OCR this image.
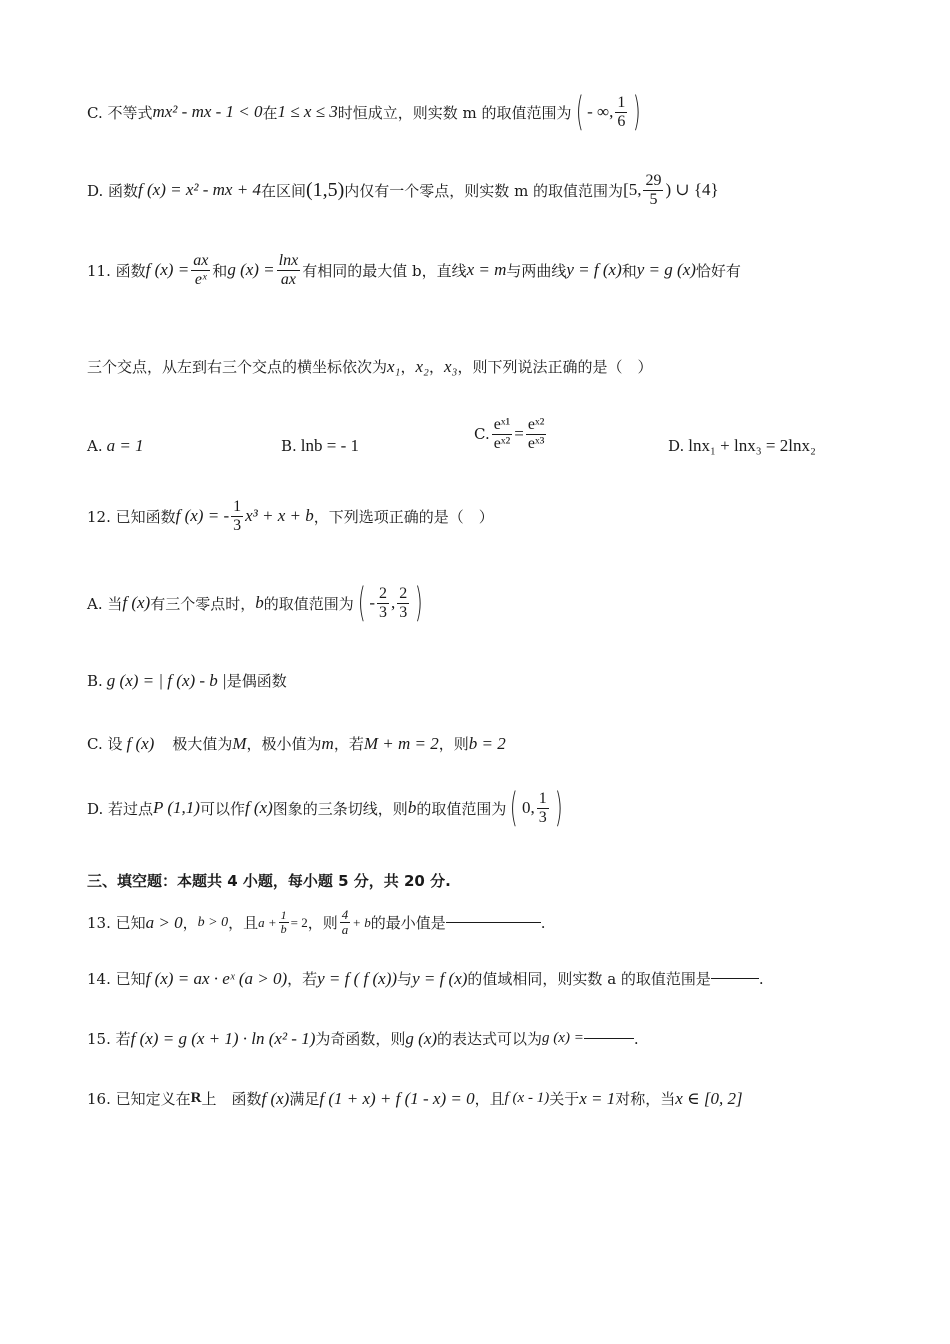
C. 不等式 mx² - mx - 1 < 0 在 1 ≤ x ≤ 3 时恒成立，则实数 m 的取值范围为 ( - ∞, $\frac{1}{6}$ )
D. 函数 f (x) = x² - mx + 4 在区间 (1,5) 内仅有一个零点，则实数 m 的取值范围为 [5, $\frac{29}{5}$ ) ∪ {4}
11. 函数 f $(x) = \frac{ax}{\text{eˣ}}$ 和 g $(x) = \frac{\ln x}{ax}$ 有相同的最大值 b，直线 x = m 与两曲线 y = f (x) 和 y = g (x) 恰好有
三个交点，从左到右三个交点的横坐标依次为 x₁ ， x₂ ， x₃ ，则下列说法正确的是（　）
A. a = 1	B. lnb = - 1
C. $\frac{\text{eˣ¹}}{\text{eˣ²}} = \frac{\text{eˣ²}}{\text{eˣ³}}$	D. lnx₁ + lnx₃ = 2lnx₂
12. 已知函数 f (x) = - $\frac{1}{3} x^3 + x + b$ ，下列选项正确的是（　）
A. 当 f (x) 有三个零点时， b 的取值范围为 ( - $\frac{2}{3}$ , $\frac{2}{3}$ )
B. g (x) = | f (x) - b | 是偶函数
C. 设 f (x) 极大值为 M ，极小值为 m ，若 M + m = 2 ，则 b = 2
D. 若过点 P (1,1) 可以作 f (x) 图象的三条切线，则 b 的取值范围为 ( 0, $\frac{1}{3}$ )
三、填空题：本题共 4 小题，每小题 5 分，共 20 分.
13. 已知 a > 0 ， b > 0 ，且 $a + \frac{1}{b} = 2$ ，则 $\frac{4}{a} + b$ 的最小值是	.
14. 已知 f (x) = ax · eˣ (a > 0) ，若 y = f ( f (x)) 与 y = f (x) 的值域相同，则实数 a 的取值范围是	.
15. 若 f (x) = g (x + 1) · ln (x² - 1) 为奇函数，则 g (x) 的表达式可以为 g (x) =	.
16. 已知定义在 R 上　函数 f (x) 满足 f (1 + x) + f (1 - x) = 0 ，且 f (x - 1) 关于 x = 1 对称，当 x ∈ [0, 2]
